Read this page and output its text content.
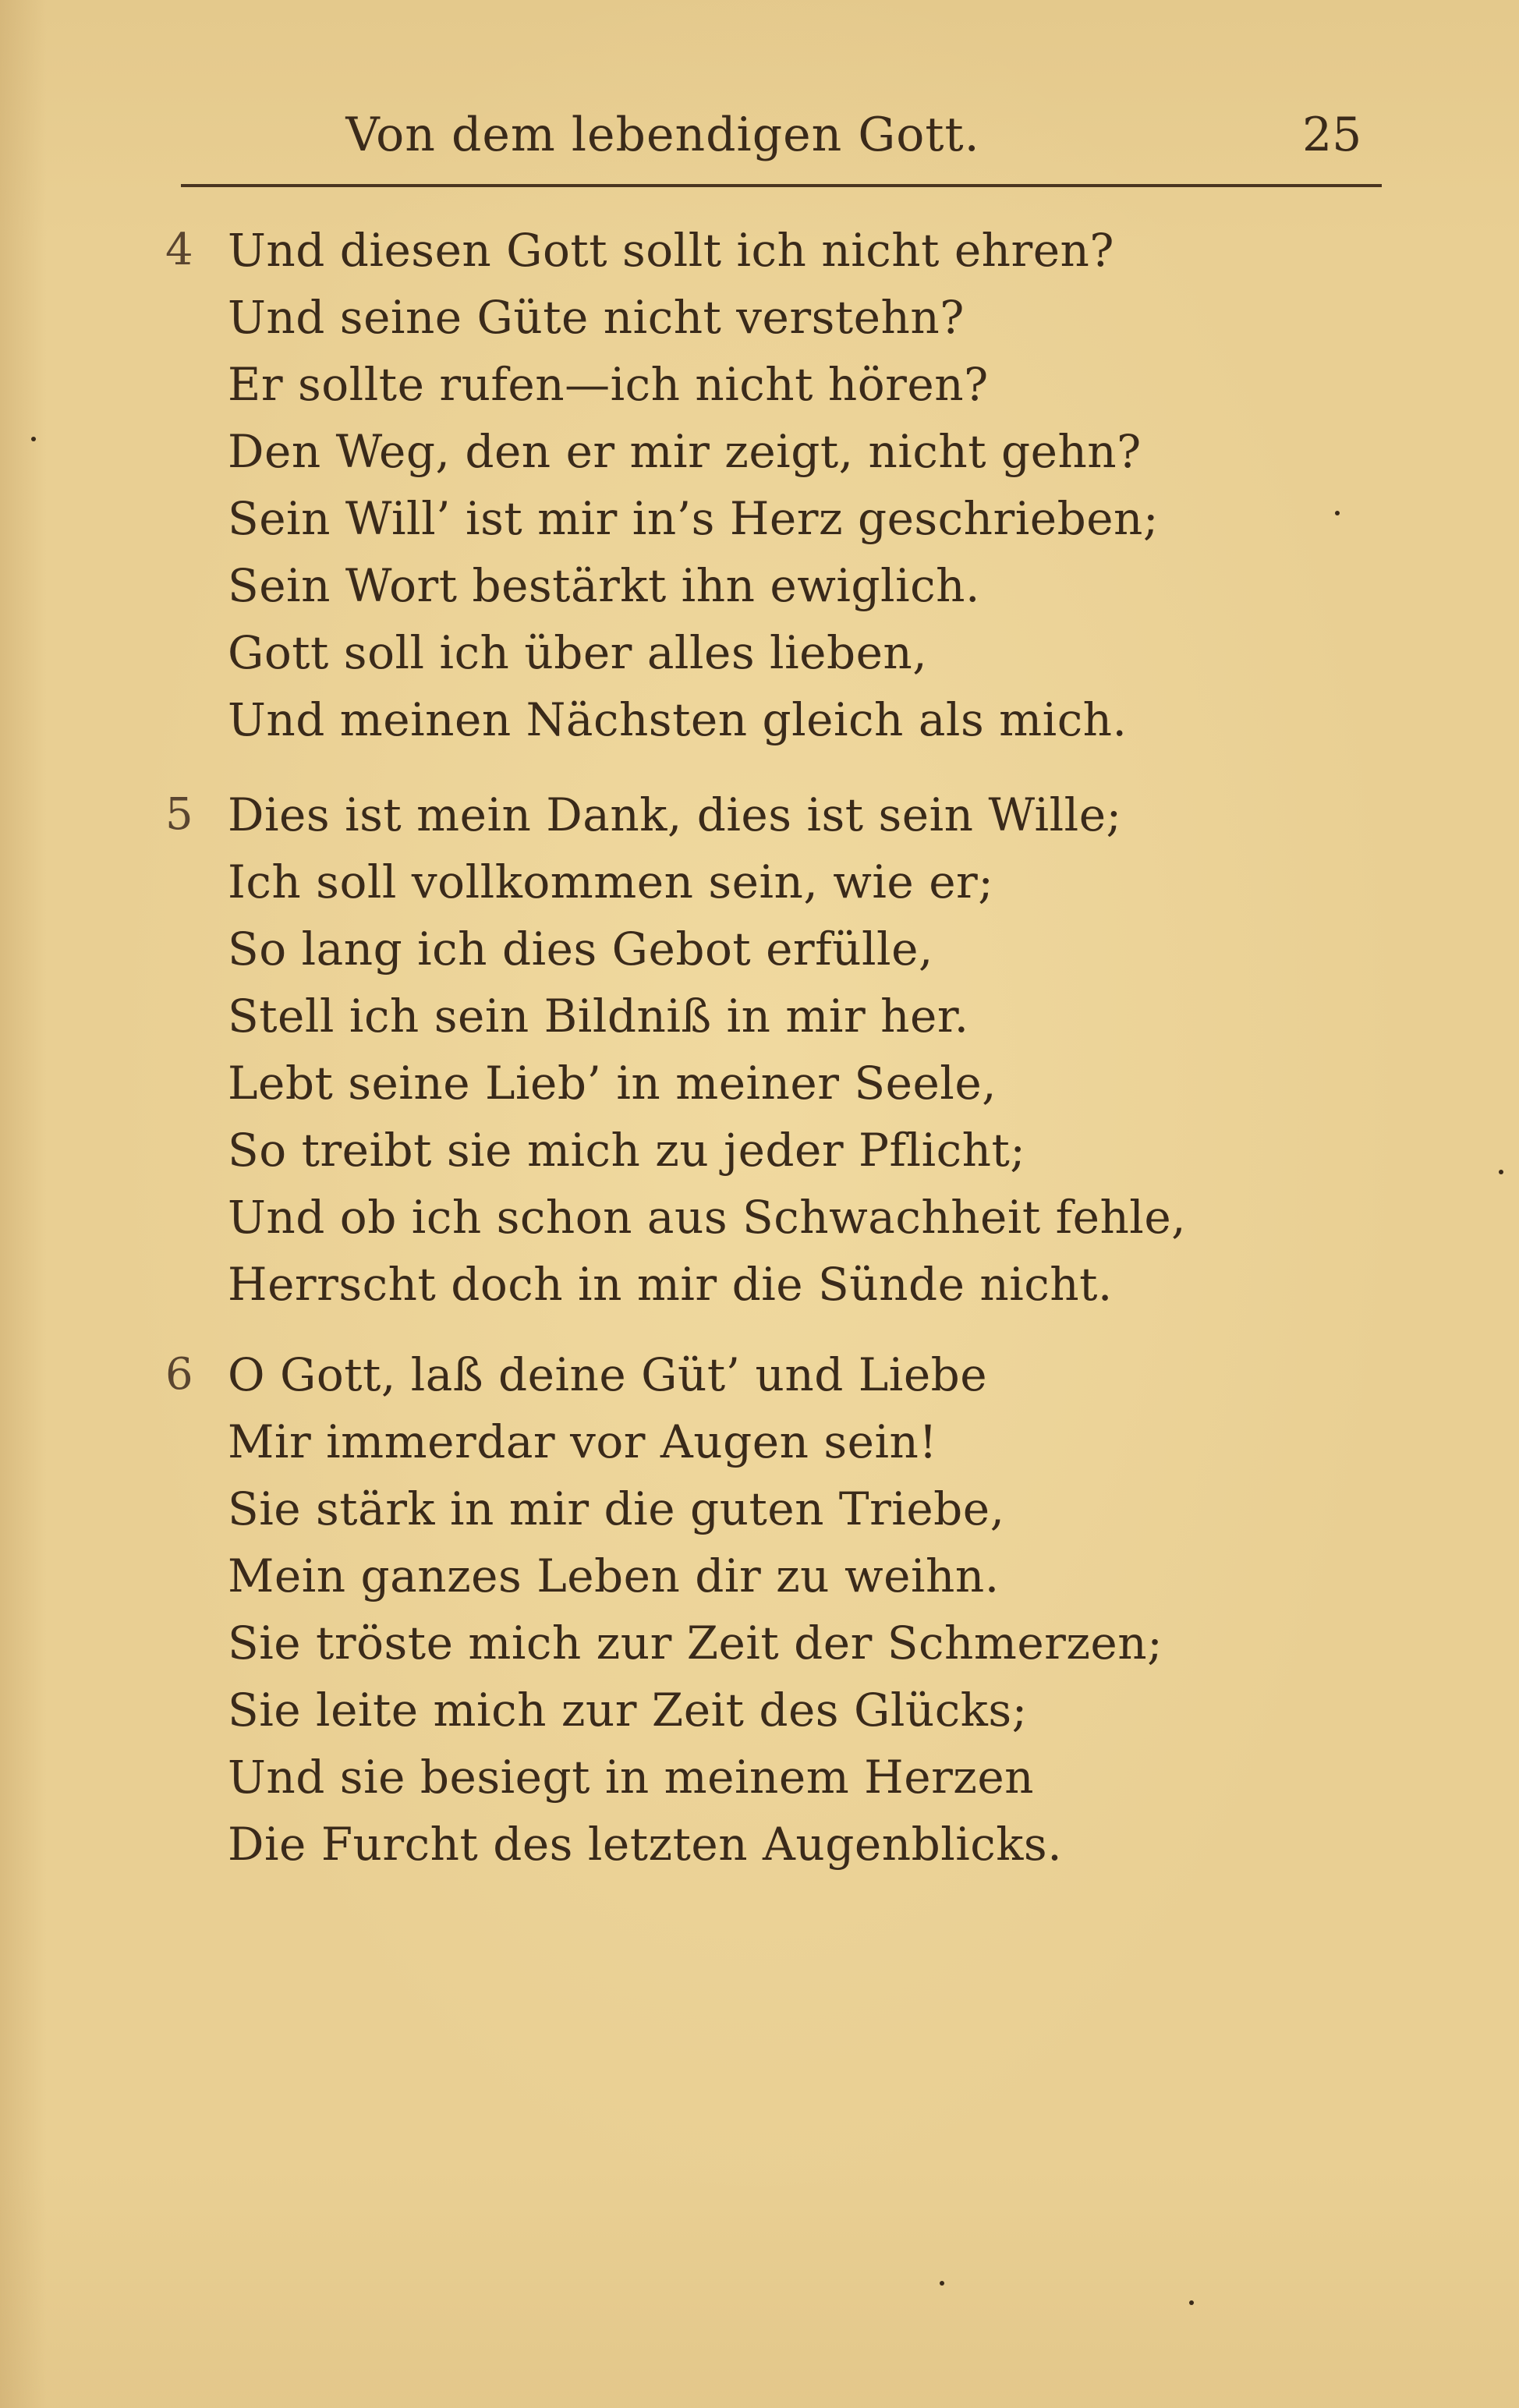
Von dem lebendigen Gott.	25
4 Und diesen Gott sollt ich nicht ehren?
Und seine Güte nicht verstehn?
Er sollte rufen—ich nicht hören?
Den Weg, den er mir zeigt, nicht gehn?
Sein Will’ ist mir in’s Herz geschrieben;
Sein Wort bestärkt ihn ewiglich.
Gott soll ich über alles lieben,
Und meinen Nächsten gleich als mich.
5 Dies ist mein Dank, dies ist sein Wille;
Ich soll vollkommen sein, wie er;
So lang ich dies Gebot erfülle,
Stell ich sein Bildniß in mir her.
Lebt seine Lieb’ in meiner Seele,
So treibt sie mich zu jeder Pflicht;
Und ob ich schon aus Schwachheit fehle,
Herrscht doch in mir die Sünde nicht.
6 O Gott, laß deine Güt’ und Liebe
Mir immerdar vor Augen sein!
Sie stärk in mir die guten Triebe,
Mein ganzes Leben dir zu weihn.
Sie tröste mich zur Zeit der Schmerzen;
Sie leite mich zur Zeit des Glücks;
Und sie besiegt in meinem Herzen
Die Furcht des letzten Augenblicks.
